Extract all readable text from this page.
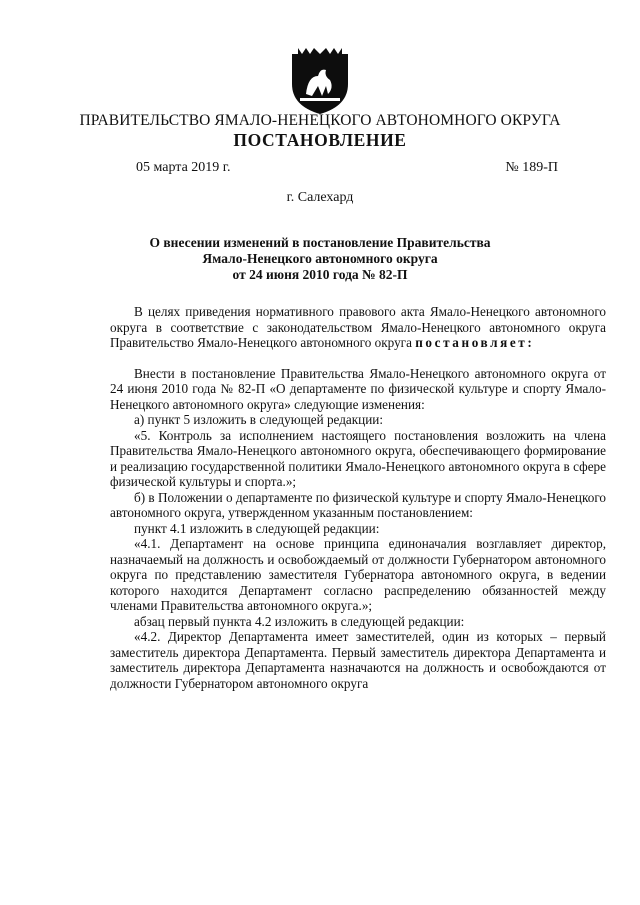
ПРАВИТЕЛЬСТВО ЯМАЛО-НЕНЕЦКОГО АВТОНОМНОГО ОКРУГА
ПОСТАНОВЛЕНИЕ
05 марта 2019 г.	№ 189-П
г. Салехард
О внесении изменений в постановление Правительства
Ямало-Ненецкого автономного округа
от 24 июня 2010 года № 82-П

В целях приведения нормативного правового акта Ямало-Ненецкого автономного округа в соответствие с законодательством Ямало-Ненецкого автономного округа Правительство Ямало-Ненецкого автономного округа постановляет:

Внести в постановление Правительства Ямало-Ненецкого автономного округа от 24 июня 2010 года № 82-П «О департаменте по физической культуре и спорту Ямало-Ненецкого автономного округа» следующие изменения:

а) пункт 5 изложить в следующей редакции:

«5. Контроль за исполнением настоящего постановления возложить на члена Правительства Ямало-Ненецкого автономного округа, обеспечивающего формирование и реализацию государственной политики Ямало-Ненецкого автономного округа в сфере физической культуры и спорта.»;

б) в Положении о департаменте по физической культуре и спорту Ямало-Ненецкого автономного округа, утвержденном указанным постановлением:

пункт 4.1 изложить в следующей редакции:

«4.1. Департамент на основе принципа единоначалия возглавляет директор, назначаемый на должность и освобождаемый от должности Губернатором автономного округа по представлению заместителя Губернатора автономного округа, в ведении которого находится Департамент согласно распределению обязанностей между членами Правительства автономного округа.»;

абзац первый пункта 4.2 изложить в следующей редакции:

«4.2. Директор Департамента имеет заместителей, один из которых – первый заместитель директора Департамента. Первый заместитель директора Департамента и заместитель директора Департамента назначаются на должность и освобождаются от должности Губернатором автономного округа
